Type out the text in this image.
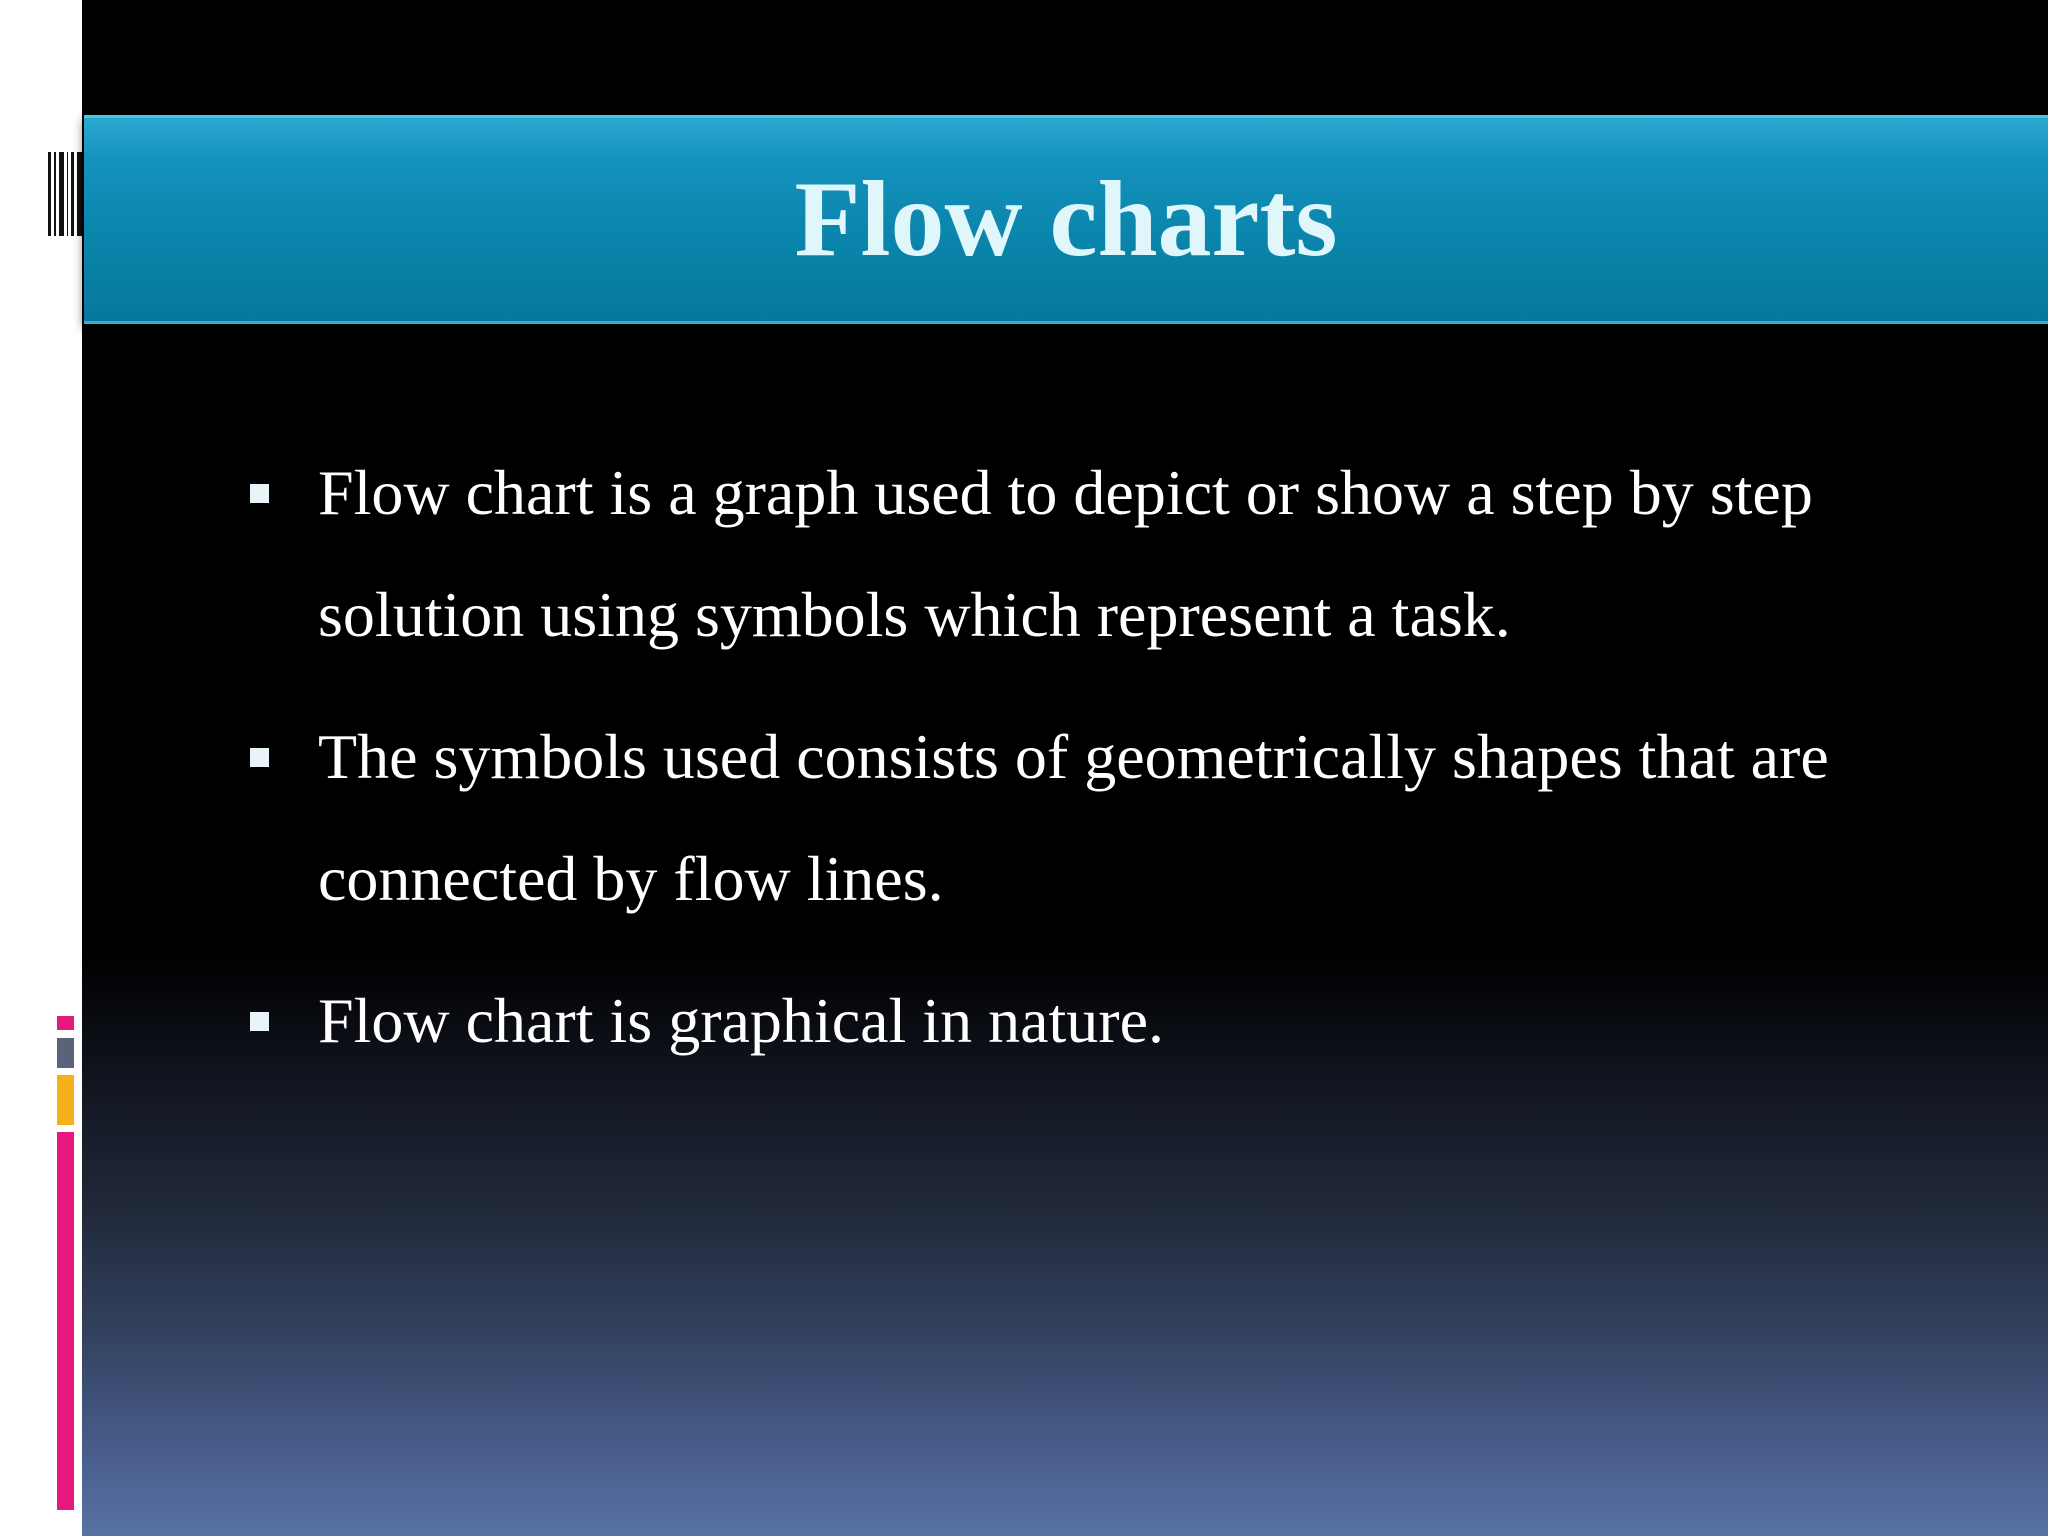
Flow charts
Flow chart is a graph used to depict or show a step by step solution using symbols which represent a task.
The symbols used consists of geometrically shapes that are connected by flow lines.
Flow chart is graphical in nature.
